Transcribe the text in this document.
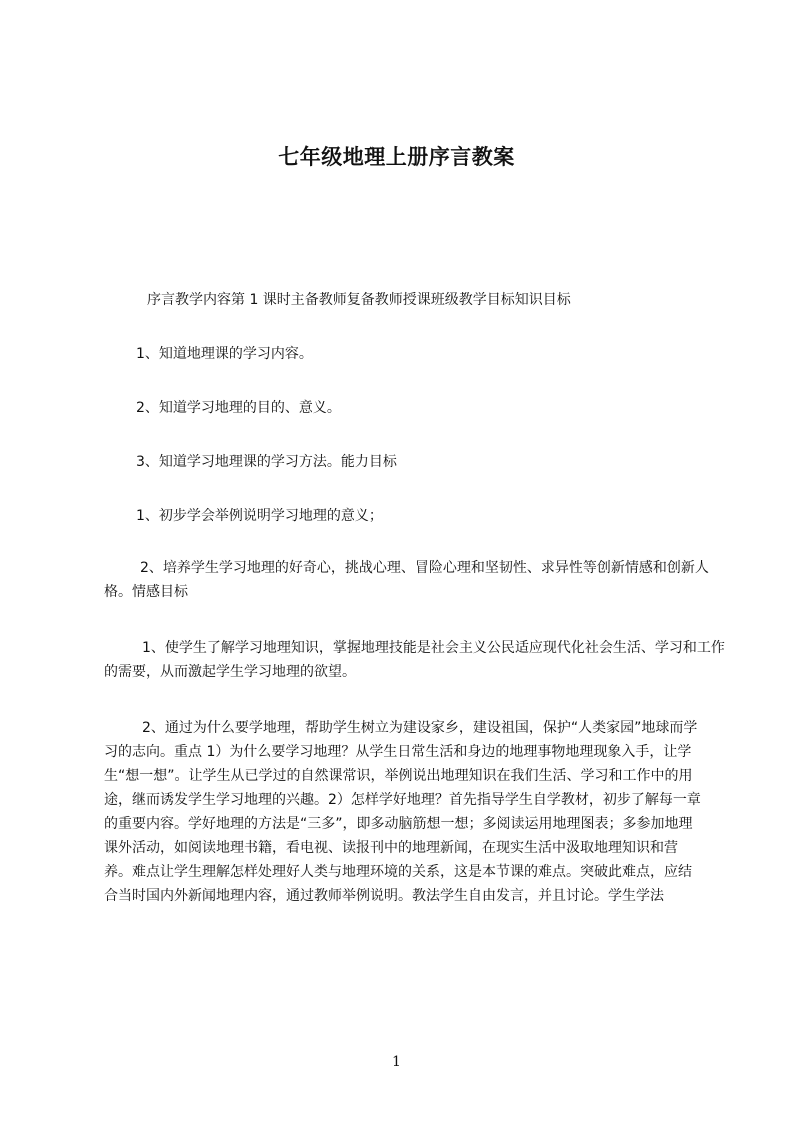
七年级地理上册序言教案

序言教学内容第 1 课时主备教师复备教师授课班级教学目标知识目标

1、知道地理课的学习内容。

2、知道学习地理的目的、意义。

3、知道学习地理课的学习方法。能力目标

1、初步学会举例说明学习地理的意义；

2、培养学生学习地理的好奇心，挑战心理、冒险心理和坚韧性、求异性等创新情感和创新人格。情感目标

1、使学生了解学习地理知识，掌握地理技能是社会主义公民适应现代化社会生活、学习和工作的需要，从而激起学生学习地理的欲望。

2、通过为什么要学地理，帮助学生树立为建设家乡，建设祖国，保护“人类家园”地球而学习的志向。重点 1）为什么要学习地理？从学生日常生活和身边的地理事物地理现象入手，让学生“想一想”。让学生从已学过的自然课常识，举例说出地理知识在我们生活、学习和工作中的用途，继而诱发学生学习地理的兴趣。2）怎样学好地理？首先指导学生自学教材，初步了解每一章的重要内容。学好地理的方法是“三多”，即多动脑筋想一想；多阅读运用地理图表；多参加地理课外活动，如阅读地理书籍，看电视、读报刊中的地理新闻，在现实生活中汲取地理知识和营养。难点让学生理解怎样处理好人类与地理环境的关系，这是本节课的难点。突破此难点，应结合当时国内外新闻地理内容，通过教师举例说明。教法学生自由发言，并且讨论。学生学法

1
